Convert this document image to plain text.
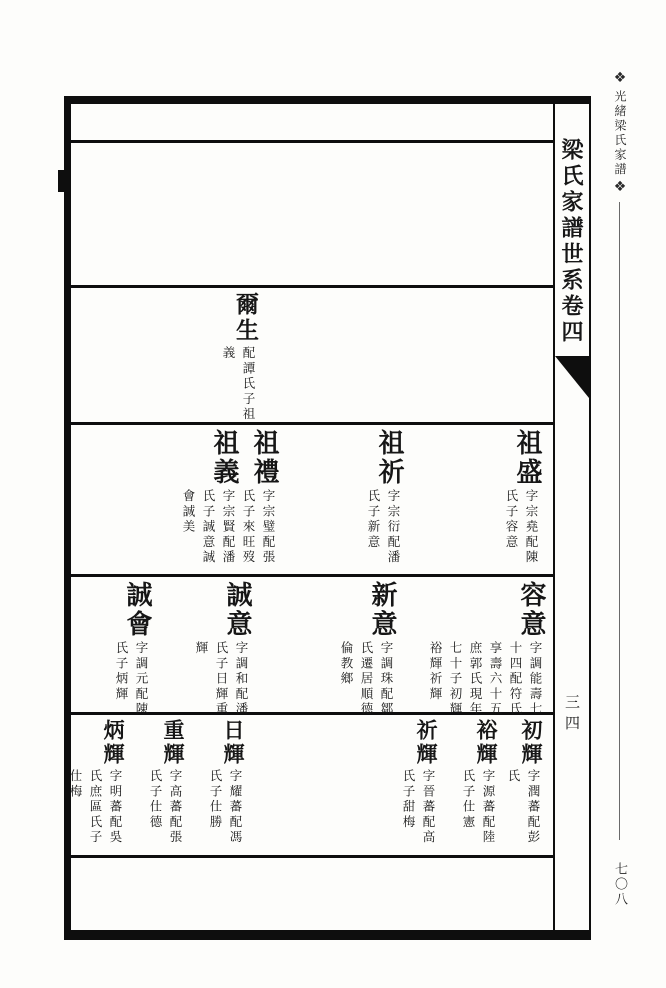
爾生
配譚氏子祖
義
祖盛
字宗堯配陳
氏子容意
祖祈
字宗衍配潘
氏子新意
祖禮
字宗璧配張
氏子來旺歿
祖義
字宗賢配潘
氏子誠意誠
會誠美
容意
字調能壽七
十四配符氏
享壽六十五
庶郭氏現年
七十子初輝
裕輝祈輝
新意
字調珠配鄒
氏遷居順德
倫教鄉
誠意
字調和配潘
氏子日輝重
輝
誠會
字調元配陳
氏子炳輝
初輝
字潤蕃配彭
氏
裕輝
字源蕃配陸
氏子仕憲
祈輝
字晉蕃配高
氏子甜梅
日輝
字耀蕃配馮
氏子仕勝
重輝
字高蕃配張
氏子仕德
炳輝
字明蕃配吳
氏庶區氏子
仕梅
梁氏家譜世系卷四
三四
❖
光緒梁氏家譜
❖
七〇八
